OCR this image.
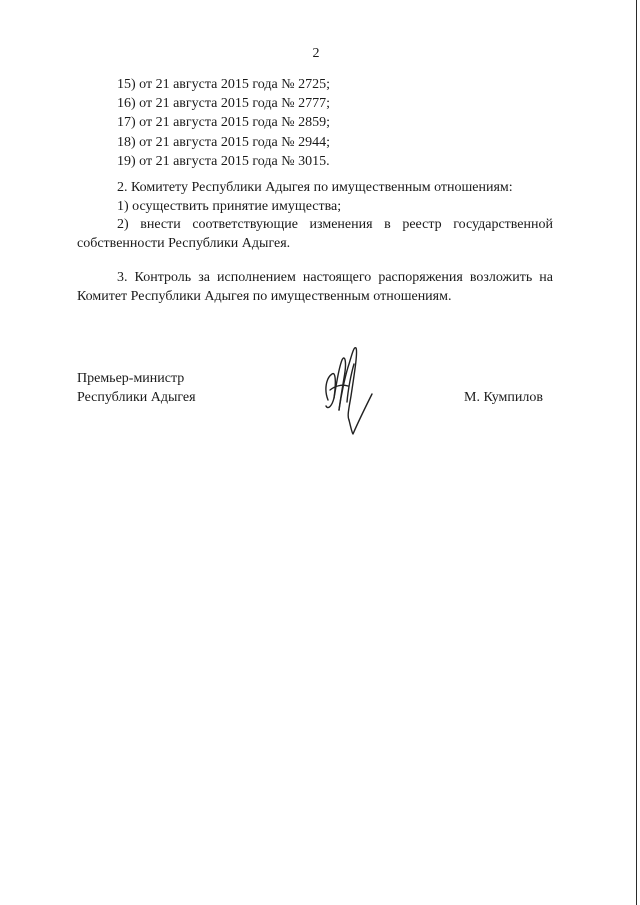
2
15) от 21 августа 2015 года № 2725;
16) от 21 августа 2015 года № 2777;
17) от 21 августа 2015 года № 2859;
18) от 21 августа 2015 года № 2944;
19) от 21 августа 2015 года № 3015.
2. Комитету Республики Адыгея по имущественным отношениям:
1) осуществить принятие имущества;
2) внести соответствующие изменения в реестр государственной
собственности Республики Адыгея.
3. Контроль за исполнением настоящего распоряжения возложить на
Комитет Республики Адыгея по имущественным отношениям.
Премьер-министр
Республики Адыгея	М. Кумпилов
